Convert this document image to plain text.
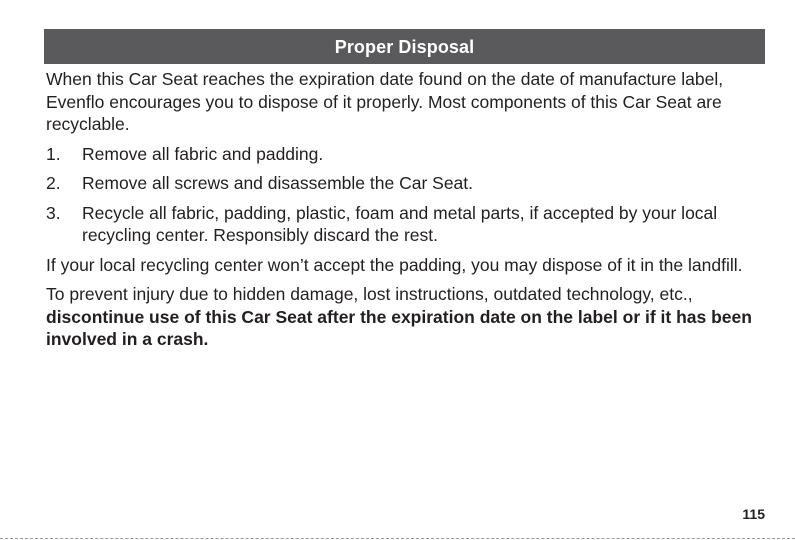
Proper Disposal

When this Car Seat reaches the expiration date found on the date of manufacture label, Evenflo encourages you to dispose of it properly. Most components of this Car Seat are recyclable.

1.	Remove all fabric and padding.
2.	Remove all screws and disassemble the Car Seat.
3.	Recycle all fabric, padding, plastic, foam and metal parts, if accepted by your local recycling center. Responsibly discard the rest.

If your local recycling center won’t accept the padding, you may dispose of it in the landfill.

To prevent injury due to hidden damage, lost instructions, outdated technology, etc., discontinue use of this Car Seat after the expiration date on the label or if it has been involved in a crash.

115
